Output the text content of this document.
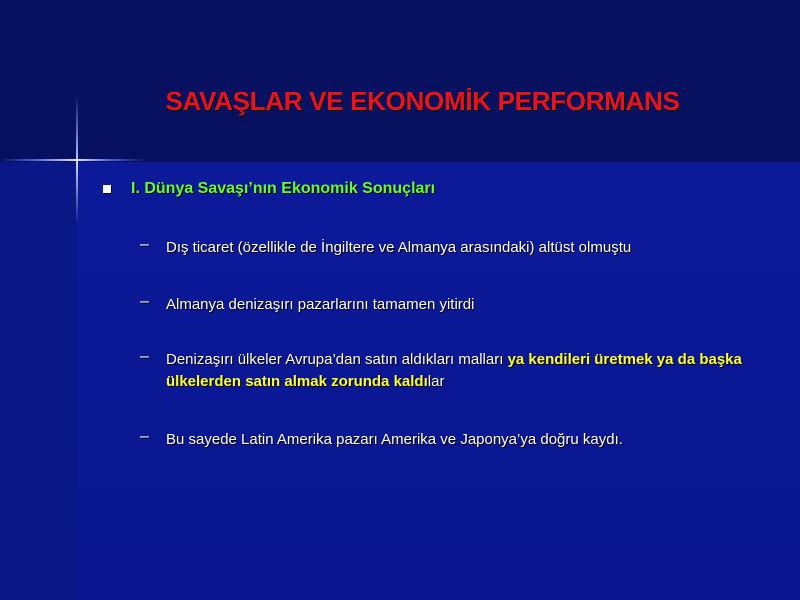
SAVAŞLAR VE EKONOMİK PERFORMANS
I. Dünya Savaşı’nın Ekonomik Sonuçları
– Dış ticaret (özellikle de İngiltere ve Almanya arasındaki) altüst olmuştu
– Almanya denizaşırı pazarlarını tamamen yitirdi
– Denizaşırı ülkeler Avrupa’dan satın aldıkları malları ya kendileri üretmek ya da başka ülkelerden satın almak zorunda kaldılar
– Bu sayede Latin Amerika pazarı Amerika ve Japonya’ya doğru kaydı.
